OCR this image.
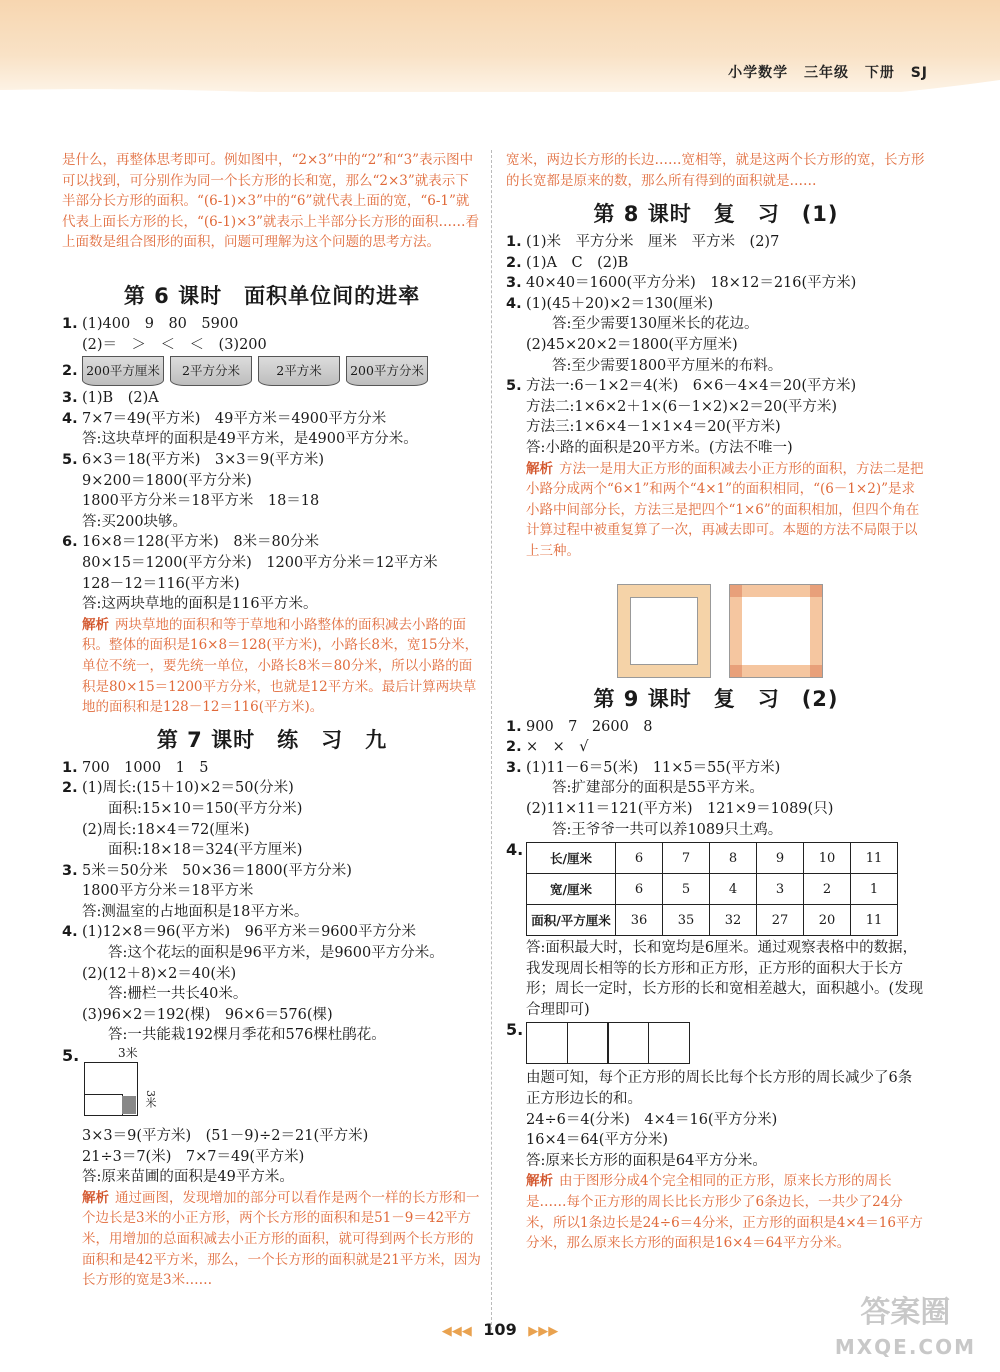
小学数学 三年级 下册 SJ
是什么，再整体思考即可。例如图中，“2×3”中的“2”和“3”表示图中可以找到，可分别作为同一个长方形的长和宽，那么“2×3”就表示下半部分长方形的面积。“(6-1)×3”中的“6”就代表上面的宽，“6-1”就代表上面长方形的长，“(6-1)×3”就表示上半部分长方形的面积……看上面数是组合图形的面积，问题可理解为这个问题的思考方法。
第 6 课时　面积单位间的进率
1. (1)400　9　80　5900
(2)＝　＞　＜　＜　(3)200
2. 200平方厘米	2平方分米	2平方米	200平方分米
3. (1)B　(2)A
4. 7×7＝49(平方米)　49平方米＝4900平方分米
答:这块草坪的面积是49平方米，是4900平方分米。
5. 6×3＝18(平方米)　3×3＝9(平方米)
9×200＝1800(平方分米)
1800平方分米＝18平方米　18＝18
答:买200块够。
6. 16×8＝128(平方米)　8米＝80分米
80×15＝1200(平方分米)　1200平方分米＝12平方米
128－12＝116(平方米)
答:这两块草地的面积是116平方米。
解析 两块草地的面积和等于草地和小路整体的面积减去小路的面积。整体的面积是16×8＝128(平方米)，小路长8米，宽15分米，单位不统一，要先统一单位，小路长8米＝80分米，所以小路的面积是80×15＝1200平方分米，也就是12平方米。最后计算两块草地的面积和是128－12＝116(平方米)。
第 7 课时　练　习　九
1. 700　1000　1　5
2. (1)周长:(15＋10)×2＝50(分米)
面积:15×10＝150(平方分米)
(2)周长:18×4＝72(厘米)
面积:18×18＝324(平方厘米)
3. 5米＝50分米　50×36＝1800(平方分米)
1800平方分米＝18平方米
答:测温室的占地面积是18平方米。
4. (1)12×8＝96(平方米)　96平方米＝9600平方分米
答:这个花坛的面积是96平方米，是9600平方分米。
(2)(12＋8)×2＝40(米)
答:栅栏一共长40米。
(3)96×2＝192(棵)　96×6＝576(棵)
答:一共能栽192棵月季花和576棵杜鹃花。
5.	3米
3米
3×3＝9(平方米)　(51－9)÷2＝21(平方米)
21÷3＝7(米)　7×7＝49(平方米)
答:原来苗圃的面积是49平方米。
解析 通过画图，发现增加的部分可以看作是两个一样的长方形和一个边长是3米的小正方形，两个长方形的面积和是51－9＝42平方米，用增加的总面积减去小正方形的面积，就可得到两个长方形的面积和是42平方米，那么，一个长方形的面积就是21平方米，因为长方形的宽是3米……
宽米，两边长方形的长边……宽相等，就是这两个长方形的宽，长方形的长宽都是原来的数，那么所有得到的面积就是……
第 8 课时　复　习　(1)
1. (1)米　平方分米　厘米　平方米　(2)7
2. (1)A　C　(2)B
3. 40×40＝1600(平方分米)　18×12＝216(平方米)
4. (1)(45＋20)×2＝130(厘米)
答:至少需要130厘米长的花边。
(2)45×20×2＝1800(平方厘米)
答:至少需要1800平方厘米的布料。
5. 方法一:6－1×2＝4(米)　6×6－4×4＝20(平方米)
方法二:1×6×2＋1×(6－1×2)×2＝20(平方米)
方法三:1×6×4－1×1×4＝20(平方米)
答:小路的面积是20平方米。(方法不唯一)
解析 方法一是用大正方形的面积减去小正方形的面积，方法二是把小路分成两个“6×1”和两个“4×1”的面积相同，“(6－1×2)”是求小路中间部分长，方法三是把四个“1×6”的面积相加，但四个角在计算过程中被重复算了一次，再减去即可。本题的方法不局限于以上三种。
第 9 课时　复　习　(2)
1. 900　7　2600　8
2. ×　×　√
3. (1)11－6＝5(米)　11×5＝55(平方米)
答:扩建部分的面积是55平方米。
(2)11×11＝121(平方米)　121×9＝1089(只)
答:王爷爷一共可以养1089只土鸡。
4. 长/厘米	6	7	8	9	10	11
宽/厘米	6	5	4	3	2	1
面积/平方厘米	36	35	32	27	20	11
答:面积最大时，长和宽均是6厘米。通过观察表格中的数据，我发现周长相等的长方形和正方形，正方形的面积大于长方形；周长一定时，长方形的长和宽相差越大，面积越小。(发现合理即可)
5.
由题可知，每个正方形的周长比每个长方形的周长减少了6条正方形边长的和。
24÷6＝4(分米)　4×4＝16(平方分米)
16×4＝64(平方分米)
答:原来长方形的面积是64平方分米。
解析 由于图形分成4个完全相同的正方形，原来长方形的周长是……每个正方形的周长比长方形少了6条边长，一共少了24分米，所以1条边长是24÷6＝4分米，正方形的面积是4×4＝16平方分米，那么原来长方形的面积是16×4＝64平方分米。
◀◀◀ 109 ▶▶▶
答案圈
MXQE.COM
